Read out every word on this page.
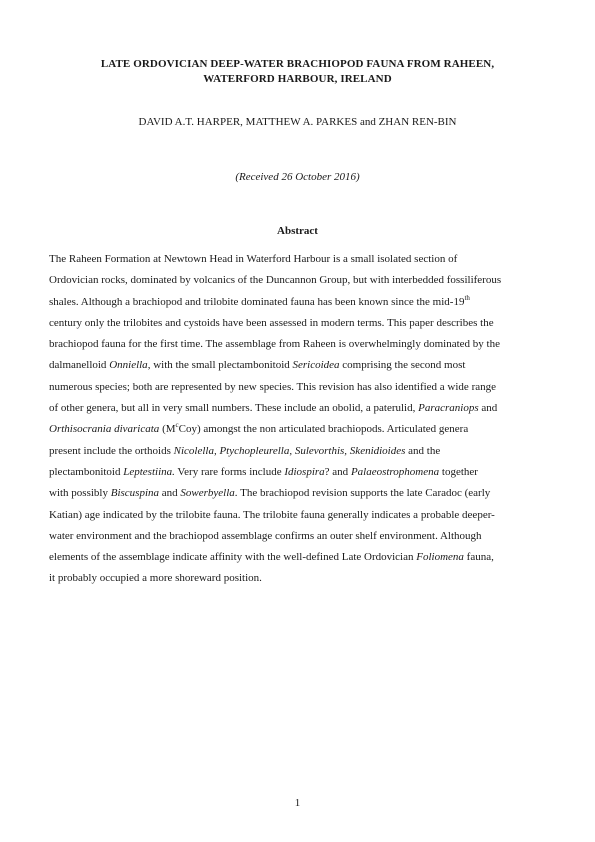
LATE ORDOVICIAN DEEP-WATER BRACHIOPOD FAUNA FROM RAHEEN,
WATERFORD HARBOUR, IRELAND
DAVID A.T. HARPER, MATTHEW A. PARKES and ZHAN REN-BIN
(Received 26 October 2016)
Abstract
The Raheen Formation at Newtown Head in Waterford Harbour is a small isolated section of
Ordovician rocks, dominated by volcanics of the Duncannon Group, but with interbedded fossiliferous
shales. Although a brachiopod and trilobite dominated fauna has been known since the mid-19th
century only the trilobites and cystoids have been assessed in modern terms. This paper describes the
brachiopod fauna for the first time. The assemblage from Raheen is overwhelmingly dominated by the
dalmanelloid Onniella, with the small plectambonitoid Sericoidea comprising the second most
numerous species; both are represented by new species. This revision has also identified a wide range
of other genera, but all in very small numbers. These include an obolid, a paterulid, Paracraniops and
Orthisocrania divaricata $(M^cCoy)$ amongst the non articulated brachiopods. Articulated genera
present include the orthoids Nicolella, Ptychopleurella, Sulevorthis, Skenidioides and the
plectambonitoid Leptestiina. Very rare forms include Idiospira? and Palaeostrophomena together
with possibly Biscuspina and Sowerbyella. The brachiopod revision supports the late Caradoc (early
Katian) age indicated by the trilobite fauna. The trilobite fauna generally indicates a probable deeper-
water environment and the brachiopod assemblage confirms an outer shelf environment. Although
elements of the assemblage indicate affinity with the well-defined Late Ordovician Foliomena fauna,
it probably occupied a more shoreward position.
1
